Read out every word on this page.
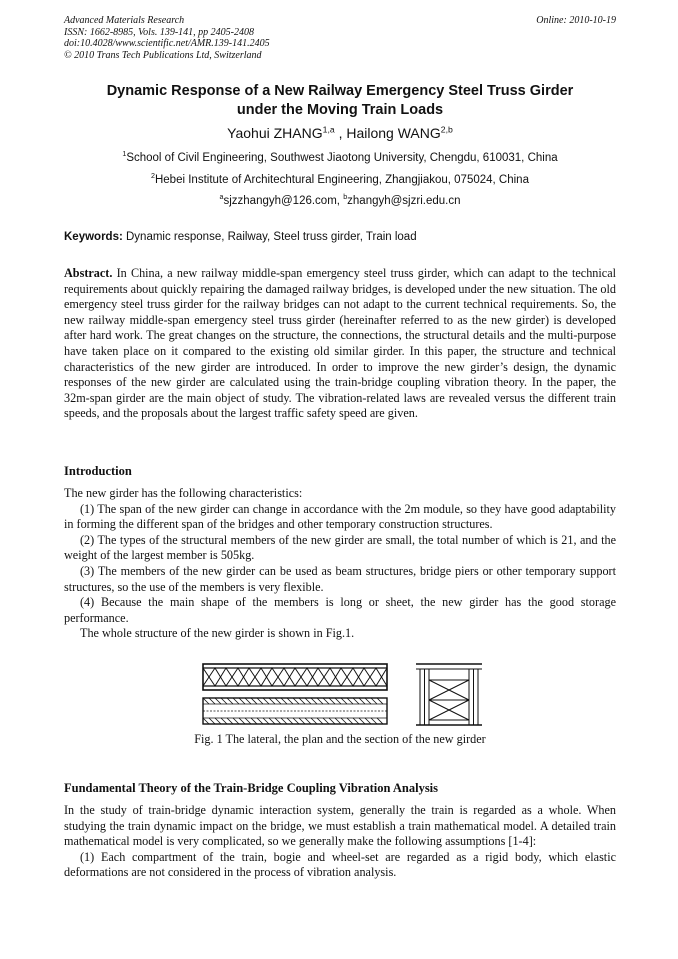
Advanced Materials Research
ISSN: 1662-8985, Vols. 139-141, pp 2405-2408
doi:10.4028/www.scientific.net/AMR.139-141.2405
© 2010 Trans Tech Publications Ltd, Switzerland
Online: 2010-10-19
Dynamic Response of a New Railway Emergency Steel Truss Girder
under the Moving Train Loads
Yaohui ZHANG$^{1,a}$ , Hailong WANG$^{2,b}$
$^1$School of Civil Engineering, Southwest Jiaotong University, Chengdu, 610031, China
$^2$Hebei Institute of Architechtural Engineering, Zhangjiakou, 075024, China
$^a$sjzzhangyh@126.com, $^b$zhangyh@sjzri.edu.cn
Keywords: Dynamic response, Railway, Steel truss girder, Train load
Abstract. In China, a new railway middle-span emergency steel truss girder, which can adapt to the technical requirements about quickly repairing the damaged railway bridges, is developed under the new situation. The old emergency steel truss girder for the railway bridges can not adapt to the current technical requirements. So, the new railway middle-span emergency steel truss girder (hereinafter referred to as the new girder) is developed after hard work. The great changes on the structure, the connections, the structural details and the multi-purpose have taken place on it compared to the existing old similar girder. In this paper, the structure and technical characteristics of the new girder are introduced. In order to improve the new girder’s design, the dynamic responses of the new girder are calculated using the train-bridge coupling vibration theory. In the paper, the 32m-span girder are the main object of study. The vibration-related laws are revealed versus the different train speeds, and the proposals about the largest traffic safety speed are given.
Introduction
The new girder has the following characteristics:
(1) The span of the new girder can change in accordance with the 2m module, so they have good adaptability in forming the different span of the bridges and other temporary construction structures.
(2) The types of the structural members of the new girder are small, the total number of which is 21, and the weight of the largest member is 505kg.
(3) The members of the new girder can be used as beam structures, bridge piers or other temporary support structures, so the use of the members is very flexible.
(4) Because the main shape of the members is long or sheet, the new girder has the good storage performance.
The whole structure of the new girder is shown in Fig.1.
Fig. 1 The lateral, the plan and the section of the new girder
Fundamental Theory of the Train-Bridge Coupling Vibration Analysis
In the study of train-bridge dynamic interaction system, generally the train is regarded as a whole. When studying the train dynamic impact on the bridge, we must establish a train mathematical model. A detailed train mathematical model is very complicated, so we generally make the following assumptions [1-4]:
(1) Each compartment of the train, bogie and wheel-set are regarded as a rigid body, which elastic deformations are not considered in the process of vibration analysis.
